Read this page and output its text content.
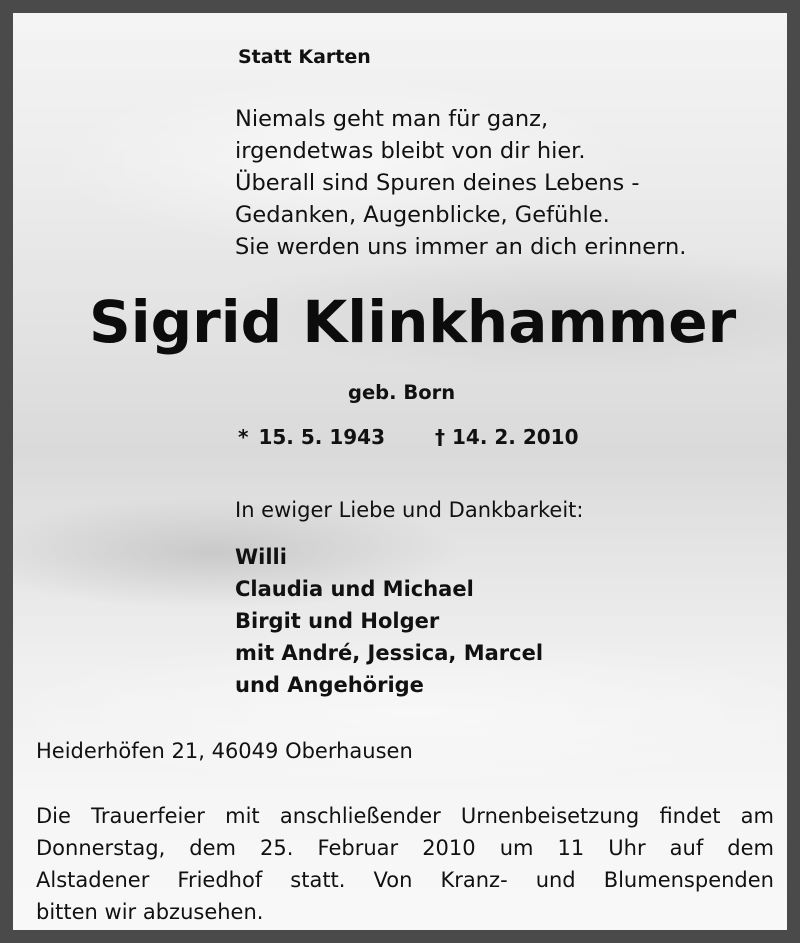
Statt Karten
Niemals geht man für ganz,
irgendetwas bleibt von dir hier.
Überall sind Spuren deines Lebens -
Gedanken, Augenblicke, Gefühle.
Sie werden uns immer an dich erinnern.
Sigrid Klinkhammer
geb. Born
* 15. 5. 1943	† 14. 2. 2010
In ewiger Liebe und Dankbarkeit:
Willi
Claudia und Michael
Birgit und Holger
mit André, Jessica, Marcel
und Angehörige
Heiderhöfen 21, 46049 Oberhausen
Die Trauerfeier mit anschließender Urnenbeisetzung findet am
Donnerstag, dem 25. Februar 2010 um 11 Uhr auf dem
Alstadener Friedhof statt. Von Kranz- und Blumenspenden
bitten wir abzusehen.
